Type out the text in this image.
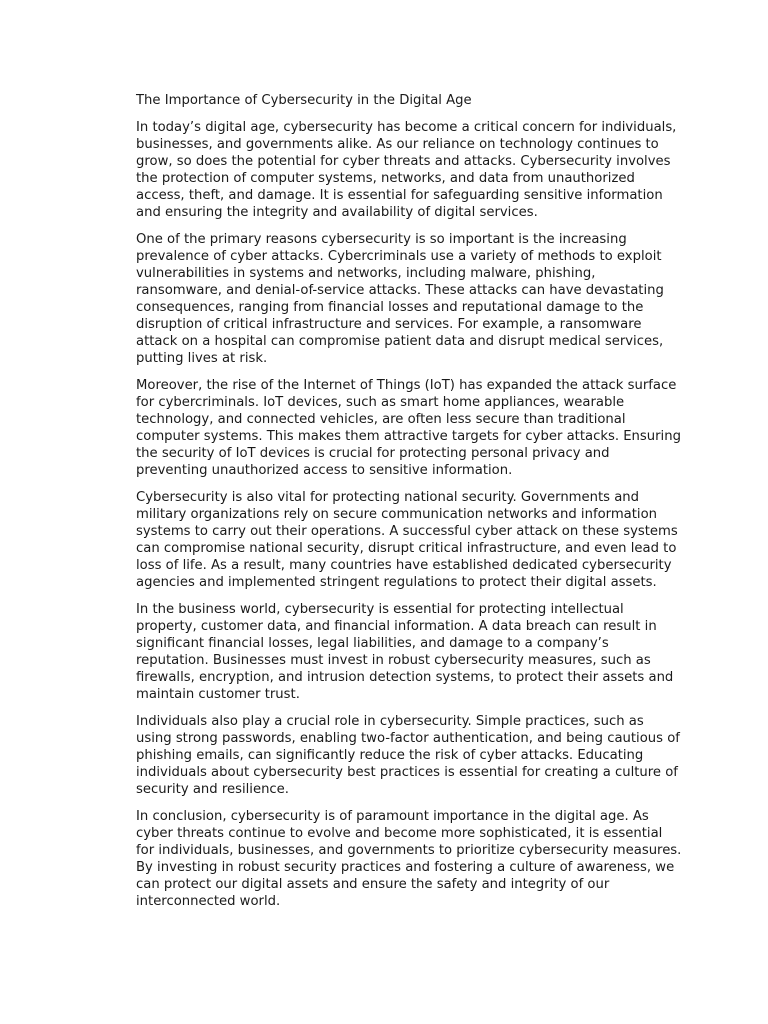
The Importance of Cybersecurity in the Digital Age

In today’s digital age, cybersecurity has become a critical concern for individuals, businesses, and governments alike. As our reliance on technology continues to grow, so does the potential for cyber threats and attacks. Cybersecurity involves the protection of computer systems, networks, and data from unauthorized access, theft, and damage. It is essential for safeguarding sensitive information and ensuring the integrity and availability of digital services.

One of the primary reasons cybersecurity is so important is the increasing prevalence of cyber attacks. Cybercriminals use a variety of methods to exploit vulnerabilities in systems and networks, including malware, phishing, ransomware, and denial-of-service attacks. These attacks can have devastating consequences, ranging from financial losses and reputational damage to the disruption of critical infrastructure and services. For example, a ransomware attack on a hospital can compromise patient data and disrupt medical services, putting lives at risk.

Moreover, the rise of the Internet of Things (IoT) has expanded the attack surface for cybercriminals. IoT devices, such as smart home appliances, wearable technology, and connected vehicles, are often less secure than traditional computer systems. This makes them attractive targets for cyber attacks. Ensuring the security of IoT devices is crucial for protecting personal privacy and preventing unauthorized access to sensitive information.

Cybersecurity is also vital for protecting national security. Governments and military organizations rely on secure communication networks and information systems to carry out their operations. A successful cyber attack on these systems can compromise national security, disrupt critical infrastructure, and even lead to loss of life. As a result, many countries have established dedicated cybersecurity agencies and implemented stringent regulations to protect their digital assets.

In the business world, cybersecurity is essential for protecting intellectual property, customer data, and financial information. A data breach can result in significant financial losses, legal liabilities, and damage to a company’s reputation. Businesses must invest in robust cybersecurity measures, such as firewalls, encryption, and intrusion detection systems, to protect their assets and maintain customer trust.

Individuals also play a crucial role in cybersecurity. Simple practices, such as using strong passwords, enabling two-factor authentication, and being cautious of phishing emails, can significantly reduce the risk of cyber attacks. Educating individuals about cybersecurity best practices is essential for creating a culture of security and resilience.

In conclusion, cybersecurity is of paramount importance in the digital age. As cyber threats continue to evolve and become more sophisticated, it is essential for individuals, businesses, and governments to prioritize cybersecurity measures. By investing in robust security practices and fostering a culture of awareness, we can protect our digital assets and ensure the safety and integrity of our interconnected world.
